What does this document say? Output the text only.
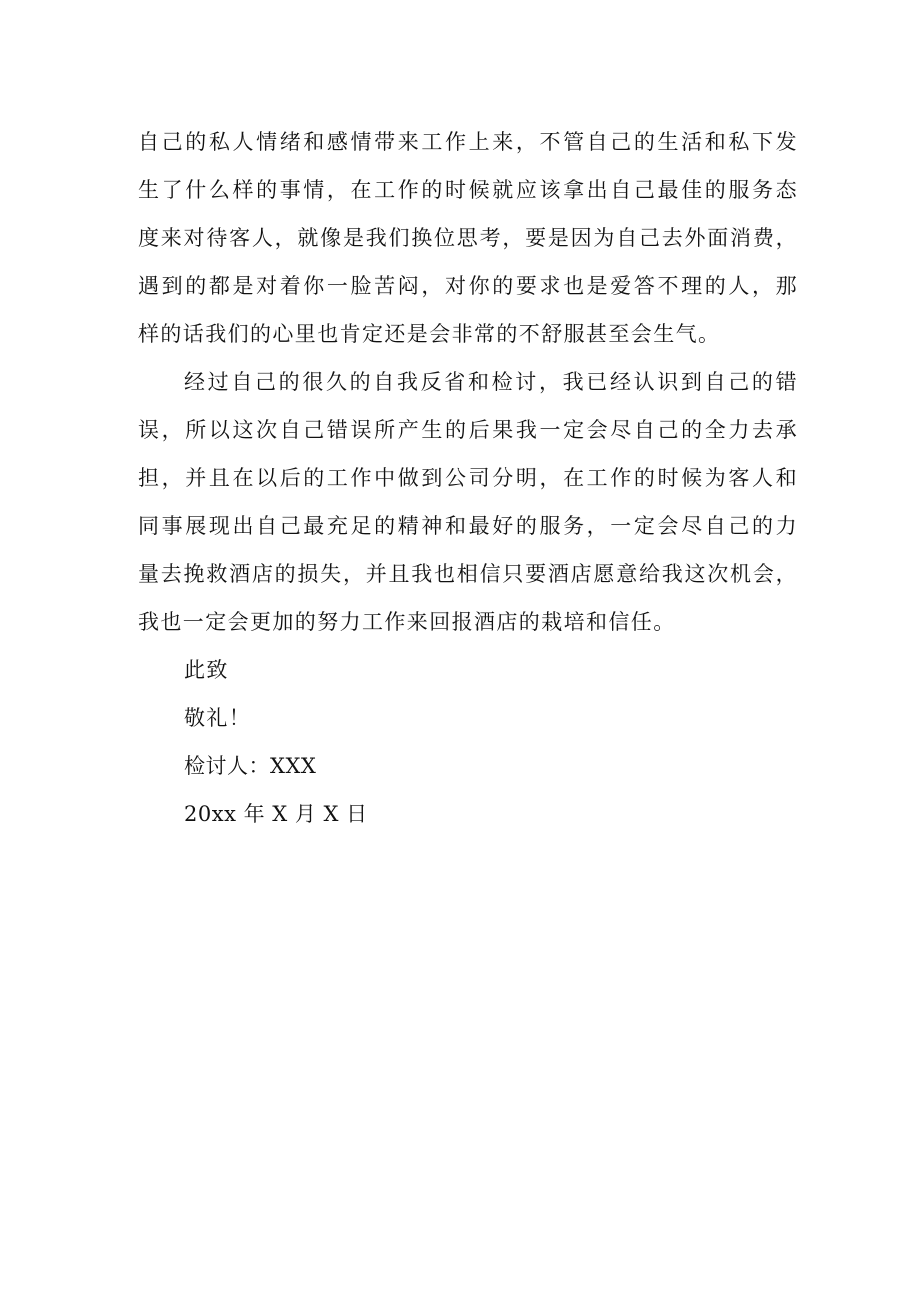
自己的私人情绪和感情带来工作上来，不管自己的生活和私下发
生了什么样的事情，在工作的时候就应该拿出自己最佳的服务态
度来对待客人，就像是我们换位思考，要是因为自己去外面消费，
遇到的都是对着你一脸苦闷，对你的要求也是爱答不理的人，那
样的话我们的心里也肯定还是会非常的不舒服甚至会生气。
经过自己的很久的自我反省和检讨，我已经认识到自己的错
误，所以这次自己错误所产生的后果我一定会尽自己的全力去承
担，并且在以后的工作中做到公司分明，在工作的时候为客人和
同事展现出自己最充足的精神和最好的服务，一定会尽自己的力
量去挽救酒店的损失，并且我也相信只要酒店愿意给我这次机会，
我也一定会更加的努力工作来回报酒店的栽培和信任。
此致
敬礼！
检讨人：XXX
20xx 年 X 月 X 日
